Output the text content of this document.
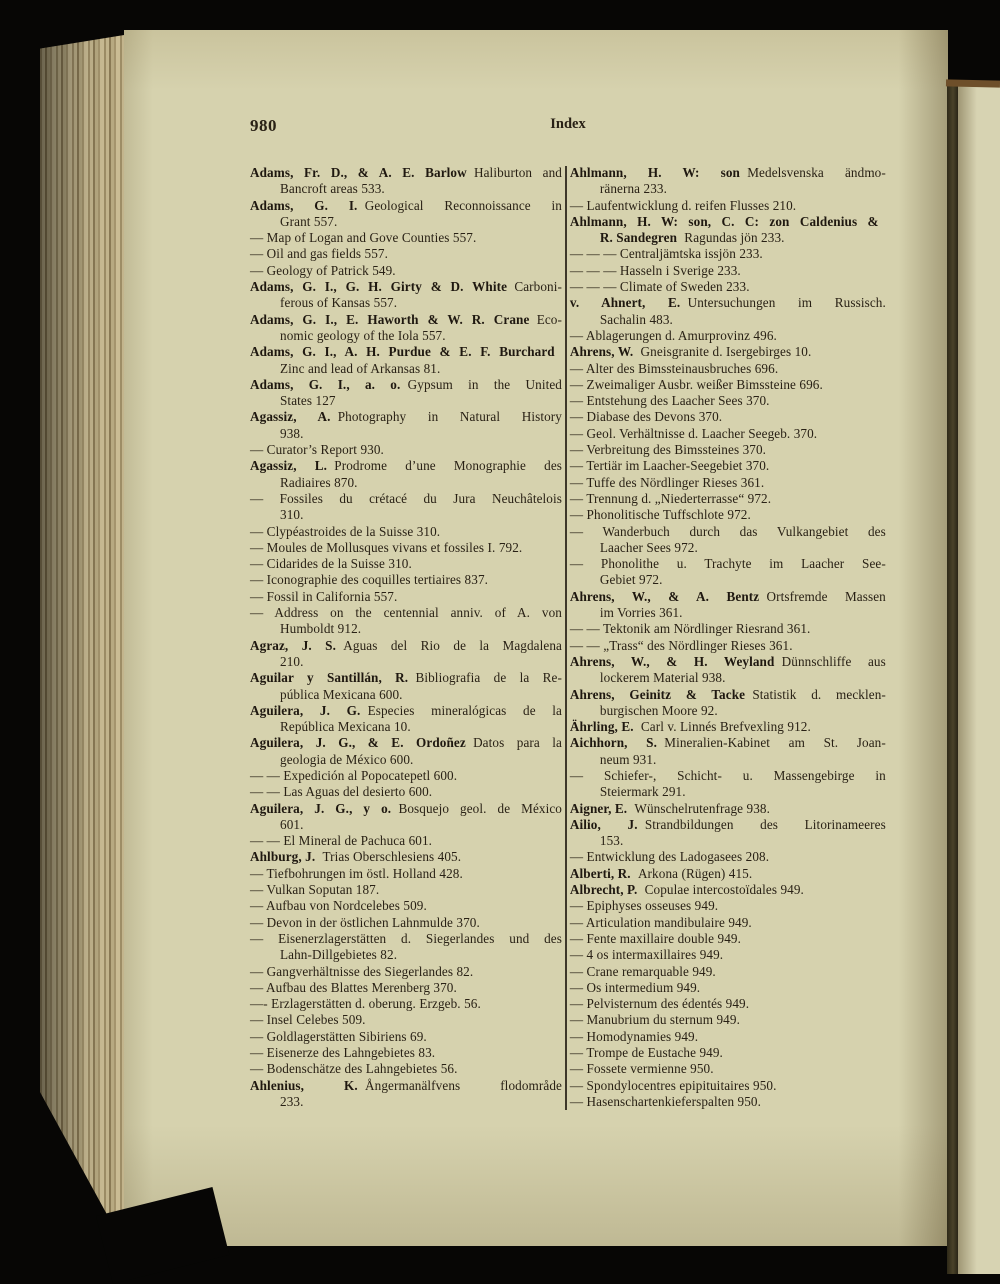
980	Index
Adams, Fr. D., & A. E. Barlow Haliburton and
Bancroft areas 533.
Adams, G. I. Geological Reconnoissance in
Grant 557.
— Map of Logan and Gove Counties 557.
— Oil and gas fields 557.
— Geology of Patrick 549.
Adams, G. I., G. H. Girty & D. White Carboni-
ferous of Kansas 557.
Adams, G. I., E. Haworth & W. R. Crane Eco-
nomic geology of the Iola 557.
Adams, G. I., A. H. Purdue & E. F. Burchard
Zinc and lead of Arkansas 81.
Adams, G. I., a. o. Gypsum in the United
States 127
Agassiz, A. Photography in Natural History
938.
— Curator’s Report 930.
Agassiz, L. Prodrome d’une Monographie des
Radiaires 870.
— Fossiles du crétacé du Jura Neuchâtelois
310.
— Clypéastroides de la Suisse 310.
— Moules de Mollusques vivans et fossiles I. 792.
— Cidarides de la Suisse 310.
— Iconographie des coquilles tertiaires 837.
— Fossil in California 557.
— Address on the centennial anniv. of A. von
Humboldt 912.
Agraz, J. S. Aguas del Rio de la Magdalena
210.
Aguilar y Santillán, R. Bibliografia de la Re-
pública Mexicana 600.
Aguilera, J. G. Especies mineralógicas de la
República Mexicana 10.
Aguilera, J. G., & E. Ordoñez Datos para la
geologia de México 600.
— — Expedición al Popocatepetl 600.
— — Las Aguas del desierto 600.
Aguilera, J. G., y o. Bosquejo geol. de México
601.
— — El Mineral de Pachuca 601.
Ahlburg, J. Trias Oberschlesiens 405.
— Tiefbohrungen im östl. Holland 428.
— Vulkan Soputan 187.
— Aufbau von Nordcelebes 509.
— Devon in der östlichen Lahnmulde 370.
— Eisenerzlagerstätten d. Siegerlandes und des
Lahn-Dillgebietes 82.
— Gangverhältnisse des Siegerlandes 82.
— Aufbau des Blattes Merenberg 370.
—- Erzlagerstätten d. oberung. Erzgeb. 56.
— Insel Celebes 509.
— Goldlagerstätten Sibiriens 69.
— Eisenerze des Lahngebietes 83.
— Bodenschätze des Lahngebietes 56.
Ahlenius, K. Ångermanälfvens flodområde
233.
Ahlmann, H. W: son Medelsvenska ändmo-
ränerna 233.
— Laufentwicklung d. reifen Flusses 210.
Ahlmann, H. W: son, C. C: zon Caldenius &
R. Sandegren Ragundas jön 233.
— — — Centraljämtska issjön 233.
— — — Hasseln i Sverige 233.
— — — Climate of Sweden 233.
v. Ahnert, E. Untersuchungen im Russisch.
Sachalin 483.
— Ablagerungen d. Amurprovinz 496.
Ahrens, W. Gneisgranite d. Isergebirges 10.
— Alter des Bimssteinausbruches 696.
— Zweimaliger Ausbr. weißer Bimssteine 696.
— Entstehung des Laacher Sees 370.
— Diabase des Devons 370.
— Geol. Verhältnisse d. Laacher Seegeb. 370.
— Verbreitung des Bimssteines 370.
— Tertiär im Laacher-Seegebiet 370.
— Tuffe des Nördlinger Rieses 361.
— Trennung d. „Niederterrasse“ 972.
— Phonolitische Tuffschlote 972.
— Wanderbuch durch das Vulkangebiet des
Laacher Sees 972.
— Phonolithe u. Trachyte im Laacher See-
Gebiet 972.
Ahrens, W., & A. Bentz Ortsfremde Massen
im Vorries 361.
— — Tektonik am Nördlinger Riesrand 361.
— — „Trass“ des Nördlinger Rieses 361.
Ahrens, W., & H. Weyland Dünnschliffe aus
lockerem Material 938.
Ahrens, Geinitz & Tacke Statistik d. mecklen-
burgischen Moore 92.
Ährling, E. Carl v. Linnés Brefvexling 912.
Aichhorn, S. Mineralien-Kabinet am St. Joan-
neum 931.
— Schiefer-, Schicht- u. Massengebirge in
Steiermark 291.
Aigner, E. Wünschelrutenfrage 938.
Ailio, J. Strandbildungen des Litorinameeres
153.
— Entwicklung des Ladogasees 208.
Alberti, R. Arkona (Rügen) 415.
Albrecht, P. Copulae intercostoïdales 949.
— Epiphyses osseuses 949.
— Articulation mandibulaire 949.
— Fente maxillaire double 949.
— 4 os intermaxillaires 949.
— Crane remarquable 949.
— Os intermedium 949.
— Pelvisternum des édentés 949.
— Manubrium du sternum 949.
— Homodynamies 949.
— Trompe de Eustache 949.
— Fossete vermienne 950.
— Spondylocentres epipituitaires 950.
— Hasenschartenkieferspalten 950.
